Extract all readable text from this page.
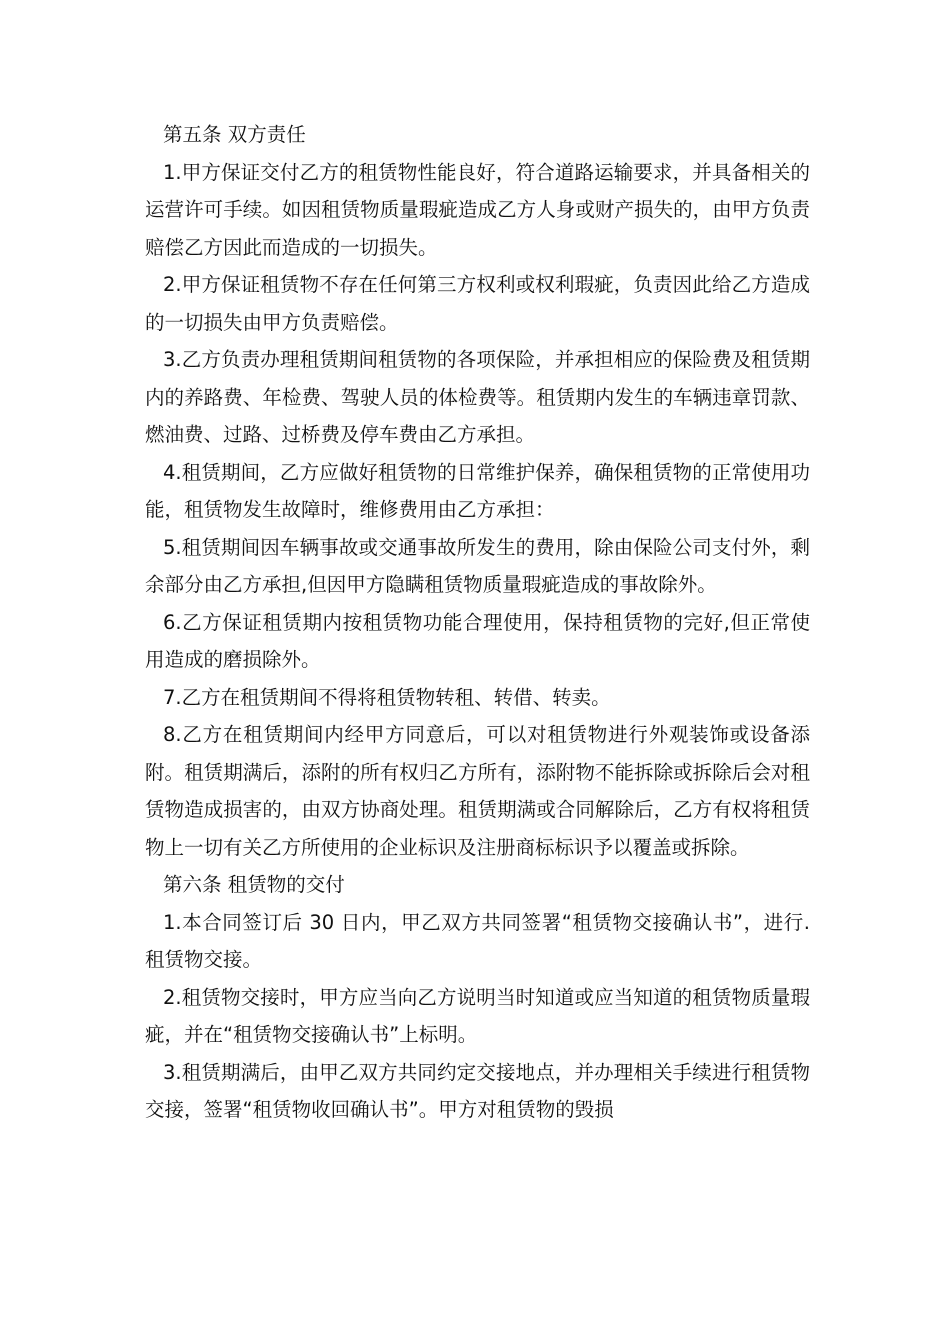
第五条 双方责任

1.甲方保证交付乙方的租赁物性能良好，符合道路运输要求，并具备相关的运营许可手续。如因租赁物质量瑕疵造成乙方人身或财产损失的，由甲方负责赔偿乙方因此而造成的一切损失。

2.甲方保证租赁物不存在任何第三方权利或权利瑕疵，负责因此给乙方造成的一切损失由甲方负责赔偿。

3.乙方负责办理租赁期间租赁物的各项保险，并承担相应的保险费及租赁期内的养路费、年检费、驾驶人员的体检费等。租赁期内发生的车辆违章罚款、燃油费、过路、过桥费及停车费由乙方承担。

4.租赁期间，乙方应做好租赁物的日常维护保养，确保租赁物的正常使用功能，租赁物发生故障时，维修费用由乙方承担：

5.租赁期间因车辆事故或交通事故所发生的费用，除由保险公司支付外，剩余部分由乙方承担,但因甲方隐瞒租赁物质量瑕疵造成的事故除外。

6.乙方保证租赁期内按租赁物功能合理使用，保持租赁物的完好,但正常使用造成的磨损除外。

7.乙方在租赁期间不得将租赁物转租、转借、转卖。

8.乙方在租赁期间内经甲方同意后，可以对租赁物进行外观装饰或设备添附。租赁期满后，添附的所有权归乙方所有，添附物不能拆除或拆除后会对租赁物造成损害的，由双方协商处理。租赁期满或合同解除后，乙方有权将租赁物上一切有关乙方所使用的企业标识及注册商标标识予以覆盖或拆除。

第六条 租赁物的交付

1.本合同签订后 30 日内，甲乙双方共同签署“租赁物交接确认书”，进行.租赁物交接。

2.租赁物交接时，甲方应当向乙方说明当时知道或应当知道的租赁物质量瑕疵，并在“租赁物交接确认书”上标明。

3.租赁期满后，由甲乙双方共同约定交接地点，并办理相关手续进行租赁物交接，签署“租赁物收回确认书”。甲方对租赁物的毁损
